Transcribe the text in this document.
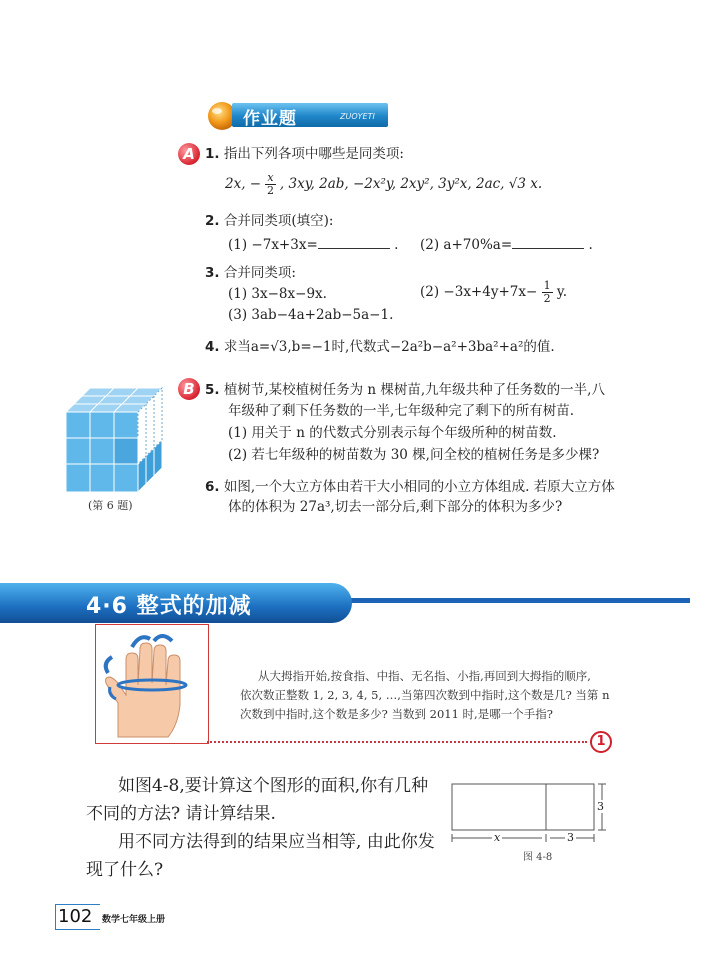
作业题	ZUOYETI
A 1. 指出下列各项中哪些是同类项:
2x, − $\frac{x}{2}$ , 3xy, 2ab, −2x²y, 2xy², 3y²x, 2ac, √3 x.
2. 合并同类项(填空):
(1) −7x+3x=	. (2) a+70%a=	.
3. 合并同类项:
(1) 3x−8x−9x.	$(2) -3x+4y+7x- \frac{1}{2} y$.
(3) 3ab−4a+2ab−5a−1.
4. 求当a=√3,b=−1时,代数式−2a²b−a²+3ba²+a²的值.
B 5. 植树节,某校植树任务为 n 棵树苗,九年级共种了任务数的一半,八
年级种了剩下任务数的一半,七年级种完了剩下的所有树苗.
(1) 用关于 n 的代数式分别表示每个年级所种的树苗数.
(2) 若七年级种的树苗数为 30 棵,问全校的植树任务是多少棵?
(第 6 题)
6. 如图,一个大立方体由若干大小相同的小立方体组成. 若原大立方体
体的体积为 27a³,切去一部分后,剩下部分的体积为多少?
4·6 整式的加减
从大拇指开始,按食指、中指、无名指、小指,再回到大拇指的顺序,
依次数正整数 1, 2, 3, 4, 5, …,当第四次数到中指时,这个数是几? 当第 n
次数到中指时,这个数是多少? 当数到 2011 时,是哪一个手指?
1
如图4-8,要计算这个图形的面积,你有几种
不同的方法? 请计算结果.
用不同方法得到的结果应当相等, 由此你发
现了什么?
x	3
3
图 4-8
102 数学七年级上册
